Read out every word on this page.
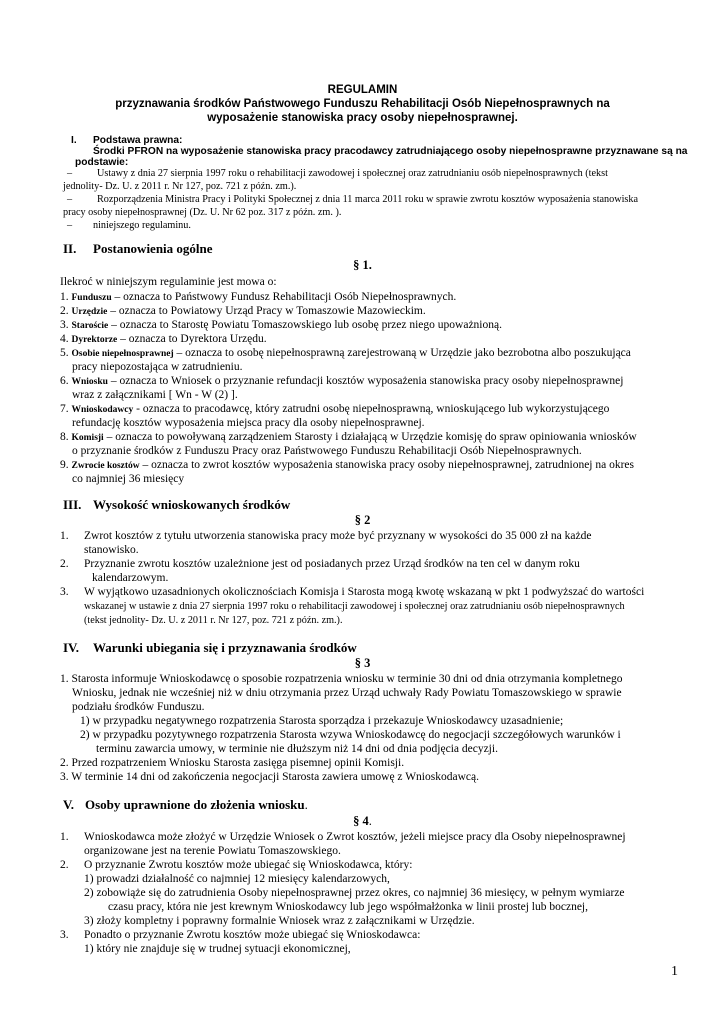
REGULAMIN
przyznawania środków Państwowego Funduszu Rehabilitacji Osób Niepełnosprawnych na
wyposażenie stanowiska pracy osoby niepełnosprawnej.
I. Podstawa prawna:
Środki PFRON na wyposażenie stanowiska pracy pracodawcy zatrudniającego osoby niepełnosprawne przyznawane są na
podstawie:
– Ustawy z dnia 27 sierpnia 1997 roku o rehabilitacji zawodowej i społecznej oraz zatrudnianiu osób niepełnosprawnych (tekst
jednolity- Dz. U. z 2011 r. Nr 127, poz. 721 z późn. zm.).
– Rozporządzenia Ministra Pracy i Polityki Społecznej z dnia 11 marca 2011 roku w sprawie zwrotu kosztów wyposażenia stanowiska
pracy osoby niepełnosprawnej (Dz. U. Nr 62 poz. 317 z późn. zm. ).
– niniejszego regulaminu.
II. Postanowienia ogólne
§ 1.
Ilekroć w niniejszym regulaminie jest mowa o:
1. Funduszu – oznacza to Państwowy Fundusz Rehabilitacji Osób Niepełnosprawnych.
2. Urzędzie – oznacza to Powiatowy Urząd Pracy w Tomaszowie Mazowieckim.
3. Staroście – oznacza to Starostę Powiatu Tomaszowskiego lub osobę przez niego upoważnioną.
4. Dyrektorze – oznacza to Dyrektora Urzędu.
5. Osobie niepełnosprawnej – oznacza to osobę niepełnosprawną zarejestrowaną w Urzędzie jako bezrobotna albo poszukująca
pracy niepozostająca w zatrudnieniu.
6. Wniosku – oznacza to Wniosek o przyznanie refundacji kosztów wyposażenia stanowiska pracy osoby niepełnosprawnej
wraz z załącznikami [ Wn - W (2) ].
7. Wnioskodawcy - oznacza to pracodawcę, który zatrudni osobę niepełnosprawną, wnioskującego lub wykorzystującego
refundację kosztów wyposażenia miejsca pracy dla osoby niepełnosprawnej.
8. Komisji – oznacza to powoływaną zarządzeniem Starosty i działającą w Urzędzie komisję do spraw opiniowania wniosków
o przyznanie środków z Funduszu Pracy oraz Państwowego Funduszu Rehabilitacji Osób Niepełnosprawnych.
9. Zwrocie kosztów – oznacza to zwrot kosztów wyposażenia stanowiska pracy osoby niepełnosprawnej, zatrudnionej na okres
co najmniej 36 miesięcy
III. Wysokość wnioskowanych środków
§ 2
1. Zwrot kosztów z tytułu utworzenia stanowiska pracy może być przyznany w wysokości do 35 000 zł na każde
stanowisko.
2. Przyznanie zwrotu kosztów uzależnione jest od posiadanych przez Urząd środków na ten cel w danym roku
kalendarzowym.
3. W wyjątkowo uzasadnionych okolicznościach Komisja i Starosta mogą kwotę wskazaną w pkt 1 podwyższać do wartości
wskazanej w ustawie z dnia 27 sierpnia 1997 roku o rehabilitacji zawodowej i społecznej oraz zatrudnianiu osób niepełnosprawnych
(tekst jednolity- Dz. U. z 2011 r. Nr 127, poz. 721 z późn. zm.).
IV. Warunki ubiegania się i przyznawania środków
§ 3
1. Starosta informuje Wnioskodawcę o sposobie rozpatrzenia wniosku w terminie 30 dni od dnia otrzymania kompletnego
Wniosku, jednak nie wcześniej niż w dniu otrzymania przez Urząd uchwały Rady Powiatu Tomaszowskiego w sprawie
podziału środków Funduszu.
1) w przypadku negatywnego rozpatrzenia Starosta sporządza i przekazuje Wnioskodawcy uzasadnienie;
2) w przypadku pozytywnego rozpatrzenia Starosta wzywa Wnioskodawcę do negocjacji szczegółowych warunków i
terminu zawarcia umowy, w terminie nie dłuższym niż 14 dni od dnia podjęcia decyzji.
2. Przed rozpatrzeniem Wniosku Starosta zasięga pisemnej opinii Komisji.
3. W terminie 14 dni od zakończenia negocjacji Starosta zawiera umowę z Wnioskodawcą.
V. Osoby uprawnione do złożenia wniosku.
§ 4.
1. Wnioskodawca może złożyć w Urzędzie Wniosek o Zwrot kosztów, jeżeli miejsce pracy dla Osoby niepełnosprawnej
organizowane jest na terenie Powiatu Tomaszowskiego.
2. O przyznanie Zwrotu kosztów może ubiegać się Wnioskodawca, który:
1) prowadzi działalność co najmniej 12 miesięcy kalendarzowych,
2) zobowiąże się do zatrudnienia Osoby niepełnosprawnej przez okres, co najmniej 36 miesięcy, w pełnym wymiarze
czasu pracy, która nie jest krewnym Wnioskodawcy lub jego współmałżonka w linii prostej lub bocznej,
3) złoży kompletny i poprawny formalnie Wniosek wraz z załącznikami w Urzędzie.
3. Ponadto o przyznanie Zwrotu kosztów może ubiegać się Wnioskodawca:
1) który nie znajduje się w trudnej sytuacji ekonomicznej,
1
